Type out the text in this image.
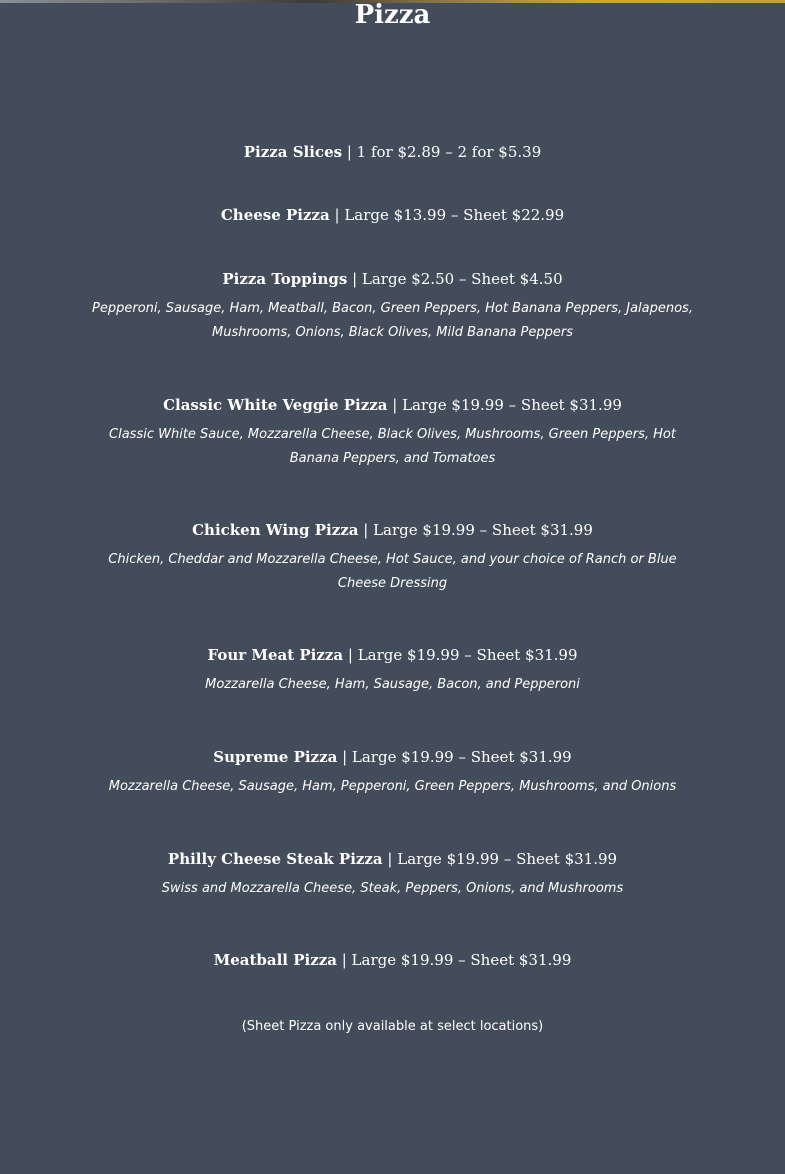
Pizza
Pizza Slices | 1 for $2.89 – 2 for $5.39
Cheese Pizza | Large $13.99 – Sheet $22.99
Pizza Toppings | Large $2.50 – Sheet $4.50
Pepperoni, Sausage, Ham, Meatball, Bacon, Green Peppers, Hot Banana Peppers, Jalapenos, Mushrooms, Onions, Black Olives, Mild Banana Peppers
Classic White Veggie Pizza | Large $19.99 – Sheet $31.99
Classic White Sauce, Mozzarella Cheese, Black Olives, Mushrooms, Green Peppers, Hot Banana Peppers, and Tomatoes
Chicken Wing Pizza | Large $19.99 – Sheet $31.99
Chicken, Cheddar and Mozzarella Cheese, Hot Sauce, and your choice of Ranch or Blue Cheese Dressing
Four Meat Pizza | Large $19.99 – Sheet $31.99
Mozzarella Cheese, Ham, Sausage, Bacon, and Pepperoni
Supreme Pizza | Large $19.99 – Sheet $31.99
Mozzarella Cheese, Sausage, Ham, Pepperoni, Green Peppers, Mushrooms, and Onions
Philly Cheese Steak Pizza | Large $19.99 – Sheet $31.99
Swiss and Mozzarella Cheese, Steak, Peppers, Onions, and Mushrooms
Meatball Pizza | Large $19.99 – Sheet $31.99
(Sheet Pizza only available at select locations)
